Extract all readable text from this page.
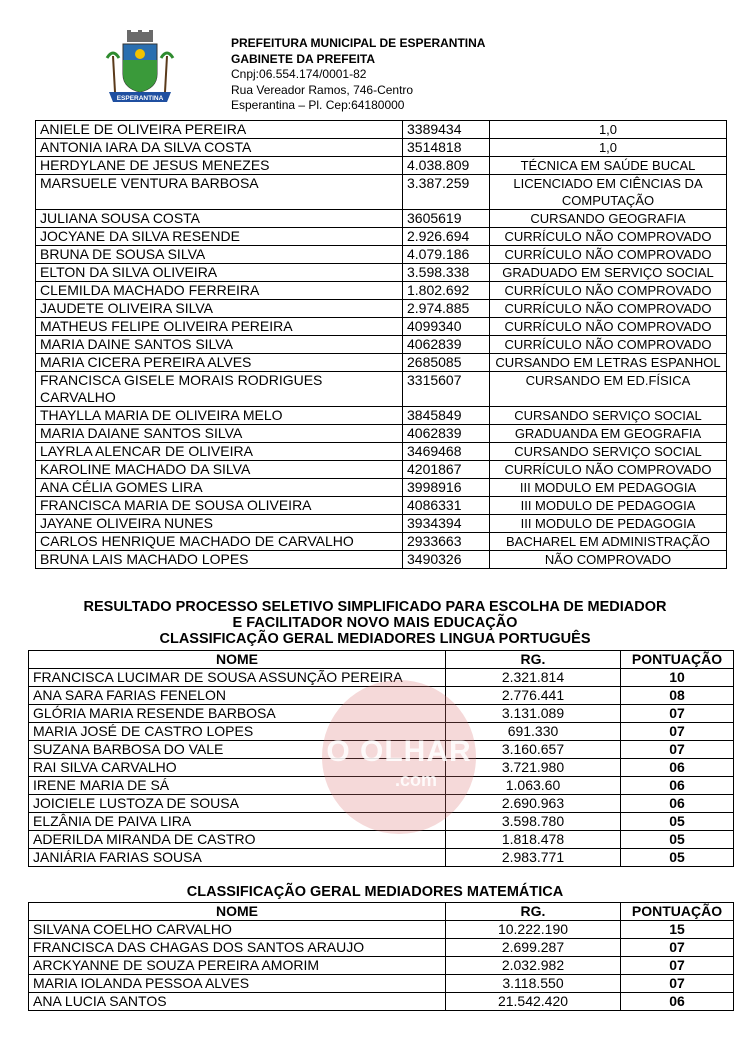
ESPERANTINA
PREFEITURA MUNICIPAL DE ESPERANTINA
GABINETE DA PREFEITA
Cnpj:06.554.174/0001-82
Rua Vereador Ramos, 746-Centro
Esperantina – Pl. Cep:64180000
ANIELE DE OLIVEIRA PEREIRA	3389434	1,0
ANTONIA IARA DA SILVA COSTA	3514818	1,0
HERDYLANE DE JESUS MENEZES	4.038.809	TÉCNICA EM SAÚDE BUCAL
MARSUELE VENTURA BARBOSA	3.387.259	LICENCIADO EM CIÊNCIAS DA COMPUTAÇÃO
JULIANA SOUSA COSTA	3605619	CURSANDO GEOGRAFIA
JOCYANE DA SILVA RESENDE	2.926.694	CURRÍCULO NÃO COMPROVADO
BRUNA DE SOUSA SILVA	4.079.186	CURRÍCULO NÃO COMPROVADO
ELTON DA SILVA OLIVEIRA	3.598.338	GRADUADO EM SERVIÇO SOCIAL
CLEMILDA MACHADO FERREIRA	1.802.692	CURRÍCULO NÃO COMPROVADO
JAUDETE OLIVEIRA SILVA	2.974.885	CURRÍCULO NÃO COMPROVADO
MATHEUS FELIPE OLIVEIRA PEREIRA	4099340	CURRÍCULO NÃO COMPROVADO
MARIA DAINE SANTOS SILVA	4062839	CURRÍCULO NÃO COMPROVADO
MARIA CICERA PEREIRA ALVES	2685085	CURSANDO EM LETRAS ESPANHOL
FRANCISCA GISELE MORAIS RODRIGUES CARVALHO	3315607	CURSANDO EM ED.FÍSICA
THAYLLA MARIA DE OLIVEIRA MELO	3845849	CURSANDO SERVIÇO SOCIAL
MARIA DAIANE SANTOS SILVA	4062839	GRADUANDA EM GEOGRAFIA
LAYRLA ALENCAR DE OLIVEIRA	3469468	CURSANDO SERVIÇO SOCIAL
KAROLINE MACHADO DA SILVA	4201867	CURRÍCULO NÃO COMPROVADO
ANA CÉLIA GOMES LIRA	3998916	III MODULO EM PEDAGOGIA
FRANCISCA MARIA DE SOUSA OLIVEIRA	4086331	III MODULO DE PEDAGOGIA
JAYANE OLIVEIRA NUNES	3934394	III MODULO DE PEDAGOGIA
CARLOS HENRIQUE MACHADO DE CARVALHO	2933663	BACHAREL EM ADMINISTRAÇÃO
BRUNA LAIS MACHADO LOPES	3490326	NÃO COMPROVADO
RESULTADO PROCESSO SELETIVO SIMPLIFICADO PARA ESCOLHA DE MEDIADOR
E FACILITADOR NOVO MAIS EDUCAÇÃO
CLASSIFICAÇÃO GERAL MEDIADORES LINGUA PORTUGUÊS
NOME	RG.	PONTUAÇÃO
FRANCISCA LUCIMAR DE SOUSA ASSUNÇÃO PEREIRA	2.321.814	10
ANA SARA FARIAS FENELON	2.776.441	08
GLÓRIA MARIA RESENDE BARBOSA	3.131.089	07
MARIA JOSÉ DE CASTRO LOPES	691.330	07
SUZANA BARBOSA DO VALE	3.160.657	07
RAI SILVA CARVALHO	3.721.980	06
IRENE MARIA DE SÁ	1.063.60	06
JOICIELE LUSTOZA DE SOUSA	2.690.963	06
ELZÂNIA DE PAIVA LIRA	3.598.780	05
ADERILDA MIRANDA DE CASTRO	1.818.478	05
JANIÁRIA FARIAS SOUSA	2.983.771	05
CLASSIFICAÇÃO GERAL MEDIADORES MATEMÁTICA
NOME	RG.	PONTUAÇÃO
SILVANA COELHO CARVALHO	10.222.190	15
FRANCISCA DAS CHAGAS DOS SANTOS ARAUJO	2.699.287	07
ARCKYANNE DE SOUZA PEREIRA AMORIM	2.032.982	07
MARIA IOLANDA PESSOA ALVES	3.118.550	07
ANA LUCIA SANTOS	21.542.420	06
O OLHAR
.com
